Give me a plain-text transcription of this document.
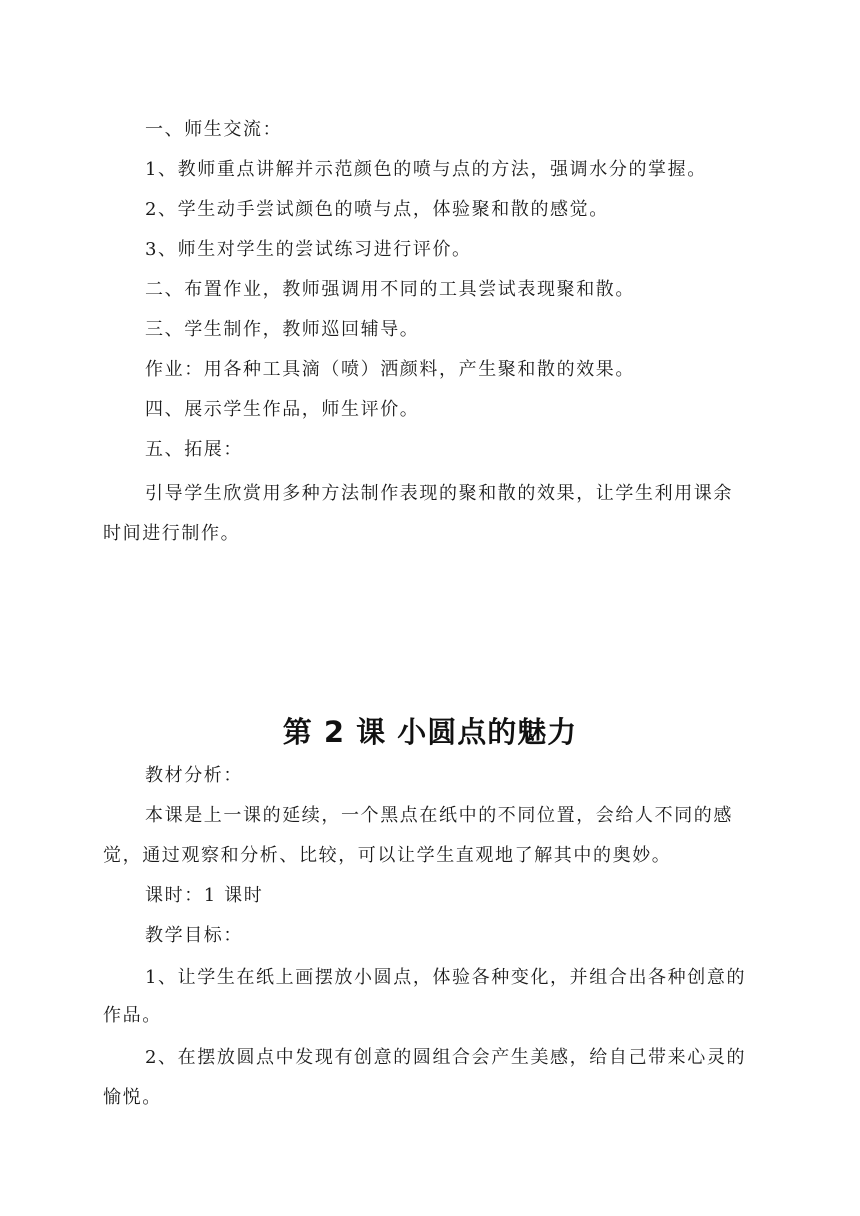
一、师生交流：
1、教师重点讲解并示范颜色的喷与点的方法，强调水分的掌握。
2、学生动手尝试颜色的喷与点，体验聚和散的感觉。
3、师生对学生的尝试练习进行评价。
二、布置作业，教师强调用不同的工具尝试表现聚和散。
三、学生制作，教师巡回辅导。
作业：用各种工具滴（喷）洒颜料，产生聚和散的效果。
四、展示学生作品，师生评价。
五、拓展：
引导学生欣赏用多种方法制作表现的聚和散的效果，让学生利用课余
时间进行制作。
第 2 课 小圆点的魅力
教材分析：
本课是上一课的延续，一个黑点在纸中的不同位置，会给人不同的感
觉，通过观察和分析、比较，可以让学生直观地了解其中的奥妙。
课时：1 课时
教学目标：
1、让学生在纸上画摆放小圆点，体验各种变化，并组合出各种创意的
作品。
2、在摆放圆点中发现有创意的圆组合会产生美感，给自己带来心灵的
愉悦。
